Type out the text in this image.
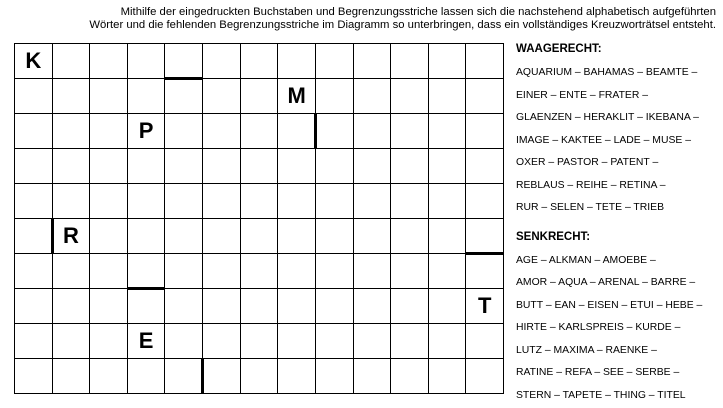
Mithilfe der eingedruckten Buchstaben und Begrenzungsstriche lassen sich die nachstehend alphabetisch aufgeführten
Wörter und die fehlenden Begrenzungsstriche im Diagramm so unterbringen, dass ein vollständiges Kreuzworträtsel entsteht.

K
M
P
R
T
E
WAAGERECHT:
AQUARIUM – BAHAMAS – BEAMTE –
EINER – ENTE – FRATER –
GLAENZEN – HERAKLIT – IKEBANA –
IMAGE – KAKTEE – LADE – MUSE –
OXER – PASTOR – PATENT –
REBLAUS – REIHE – RETINA –
RUR – SELEN – TETE – TRIEB
SENKRECHT:
AGE – ALKMAN – AMOEBE –
AMOR – AQUA – ARENAL – BARRE –
BUTT – EAN – EISEN – ETUI – HEBE –
HIRTE – KARLSPREIS – KURDE –
LUTZ – MAXIMA – RAENKE –
RATINE – REFA – SEE – SERBE –
STERN – TAPETE – THING – TITEL
